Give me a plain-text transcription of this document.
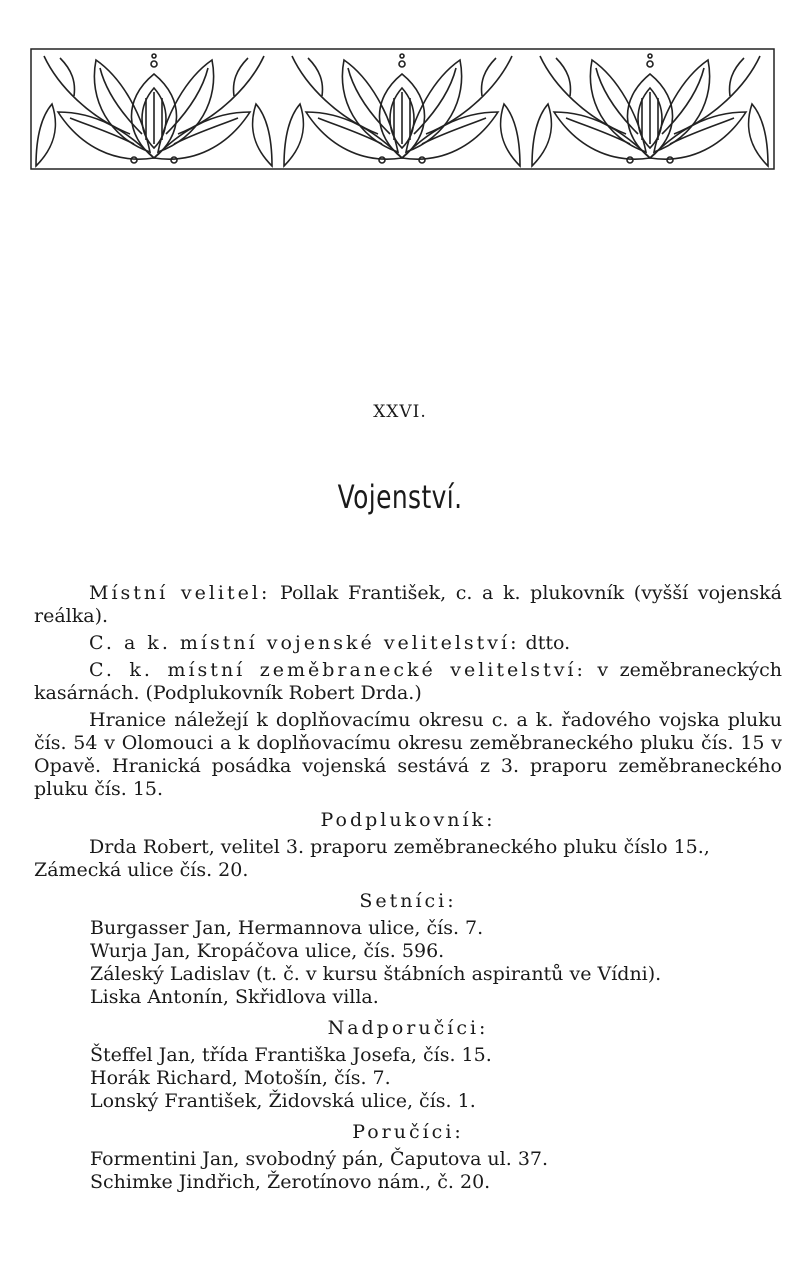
XXVI.
Vojenství.

Místní velitel: Pollak František, c. a k. plukovník (vyšší vojenská reálka).

C. a k. místní vojenské velitelství: dtto.

C. k. místní zeměbranecké velitelství: v zeměbraneckých kasárnách. (Podplukovník Robert Drda.)

Hranice náležejí k doplňovacímu okresu c. a k. řadového vojska pluku čís. 54 v Olomouci a k doplňovacímu okresu zeměbraneckého pluku čís. 15 v Opavě. Hranická posádka vojenská sestává z 3. praporu zeměbraneckého pluku čís. 15.

Podplukovník:

Drda Robert, velitel 3. praporu zeměbraneckého pluku číslo 15., Zámecká ulice čís. 20.

Setníci:

Burgasser Jan, Hermannova ulice, čís. 7.

Wurja Jan, Kropáčova ulice, čís. 596.

Záleský Ladislav (t. č. v kursu štábních aspirantů ve Vídni).

Liska Antonín, Skřidlova villa.

Nadporučíci:

Šteffel Jan, třída Františka Josefa, čís. 15.

Horák Richard, Motošín, čís. 7.

Lonský František, Židovská ulice, čís. 1.

Poručíci:

Formentini Jan, svobodný pán, Čaputova ul. 37.

Schimke Jindřich, Žerotínovo nám., č. 20.
